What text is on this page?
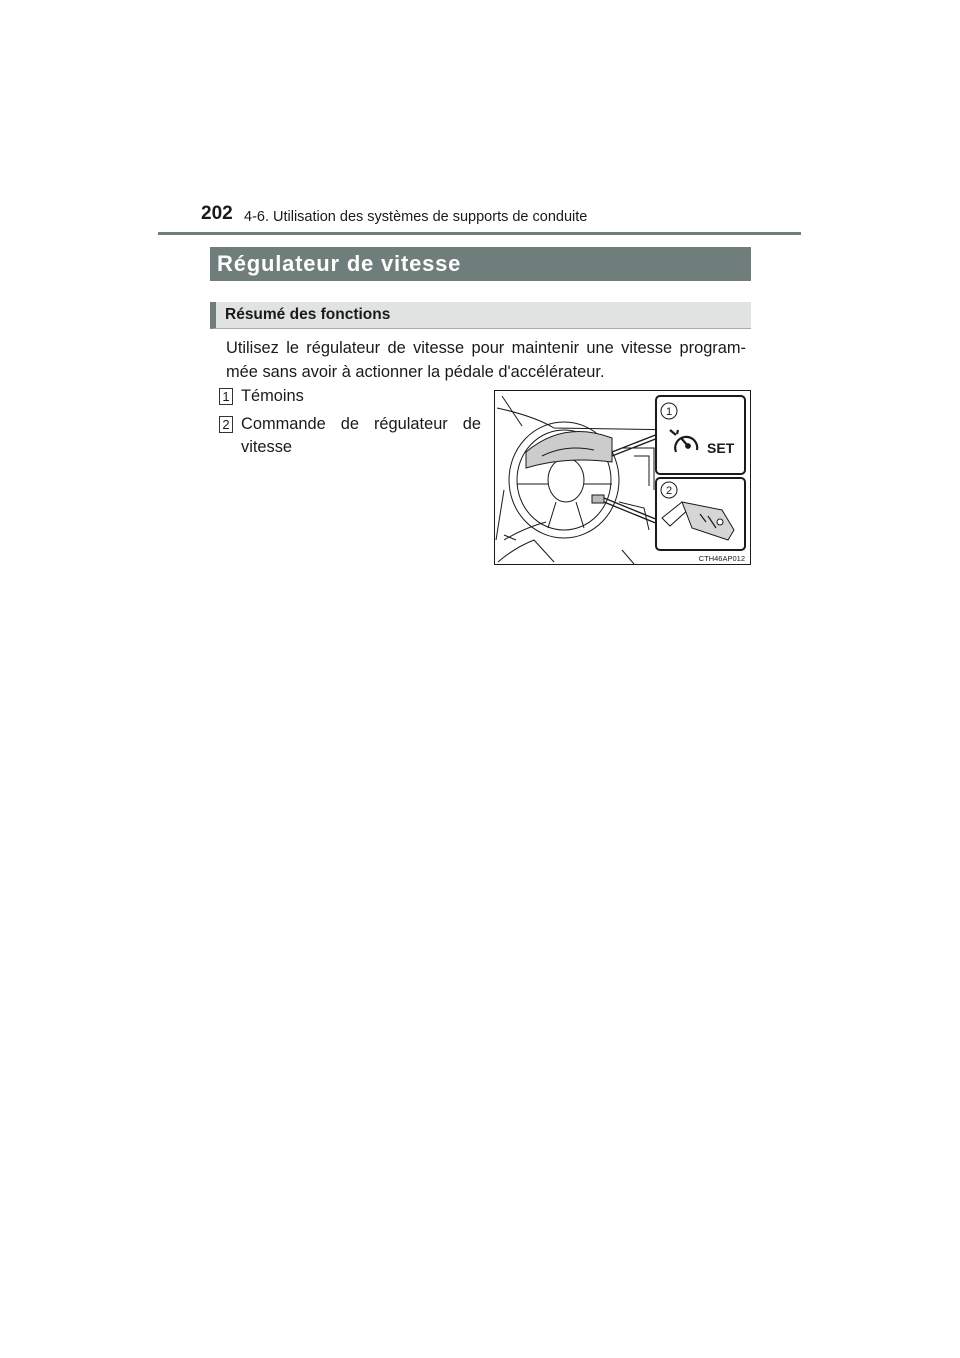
202 4-6. Utilisation des systèmes de supports de conduite
Régulateur de vitesse
Résumé des fonctions
Utilisez le régulateur de vitesse pour maintenir une vitesse program-mée sans avoir à actionner la pédale d'accélérateur.
1 Témoins
2 Commande de régulateur de vitesse
1
SET
2
CTH46AP012
